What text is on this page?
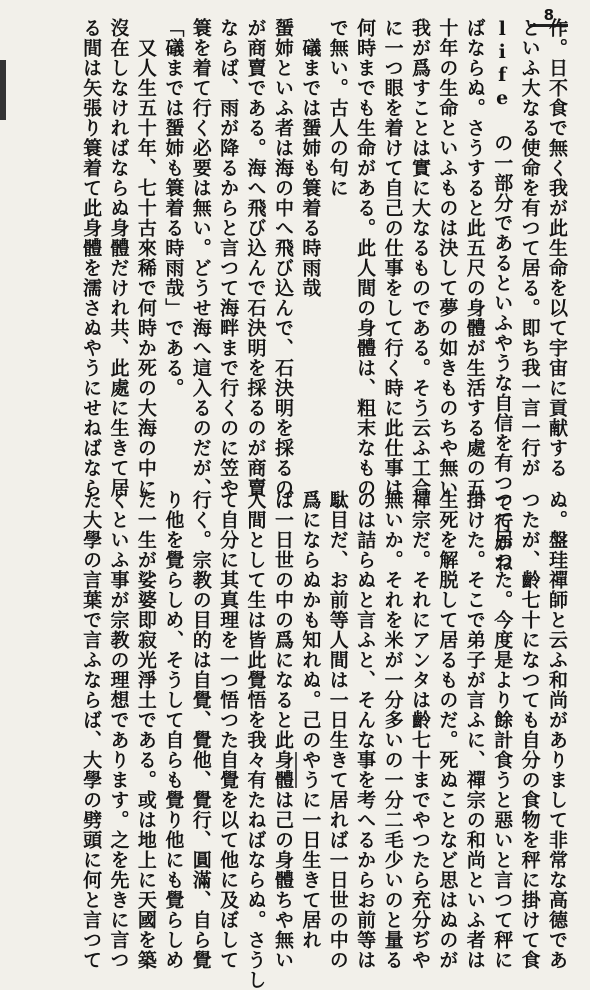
8

作。日不食で無く我が此生命を以て宇宙に貢献する

といふ大なる使命を有つて居る。即ち我一言一行が

life の一部分であるといふやうな自信を有つて行かね

ばならぬ。さうすると此五尺の身體が生活する處の五

十年の生命といふものは決して夢の如きものちや無い

我が爲すことは實に大なるものである。そう云ふ工合

に一つ眼を着けて自己の仕事をして行く時に此仕事は

何時までも生命がある。此人間の身體は、粗末なもの

で無い。古人の句に

　礒までは蜑姉も簑着る時雨哉

蜑姉といふ者は海の中へ飛び込んで、石決明を採るの

が商賣である。海へ飛び込んで石決明を採るのが商賣

ならば、雨が降るからと言つて海畔まで行くのに笠や

簑を着て行く必要は無い。どうせ海へ這入るのだが、

「礒までは蜑姉も簑着る時雨哉」である。

　又人生五十年、七十古來稀で何時か死の大海の中に

沒在しなければならぬ身體だけれ共、此處に生きて居

る間は矢張り簑着て此身體を濡さぬやうにせねばなら

ぬ。盤珪禪師と云ふ和尚がありまして非常な高德であ

つたが、齡七十になつても自分の食物を秤に掛けて食

つて居つた。今度是より餘計食うと惡いと言つて秤に

掛けた。そこで弟子が言ふに、禪宗の和尚といふ者は

生死を解脱して居るものだ。死ぬことなど思はぬのが

禪宗だ。それにアンタは齡七十までやつたら充分ぢや

無いか。それを米が一分多いの一分二毛少いのと量る

のは詰らぬと言ふと、そんな事を考へるからお前等は

駄目だ、お前等人間は一日生きて居れば一日世の中の

爲にならぬかも知れぬ。己のやうに一日生きて居れ

ば一日世の中の爲になると此身體は己の身體ちや無い

人間として生は皆此覺悟を我々有たねばならぬ。さうし

て自分に其真理を一つ悟つた自覺を以て他に及ぼして

行く。宗教の目的は自覺、覺他、覺行、圓滿、自ら覺

り他を覺らしめ、そうして自らも覺り他にも覺らしめ

た一生が娑婆即寂光淨土である。或は地上に天國を築

くといふ事が宗教の理想であります。之を先きに言つ

た大學の言葉で言ふならば、大學の劈頭に何と言つて
